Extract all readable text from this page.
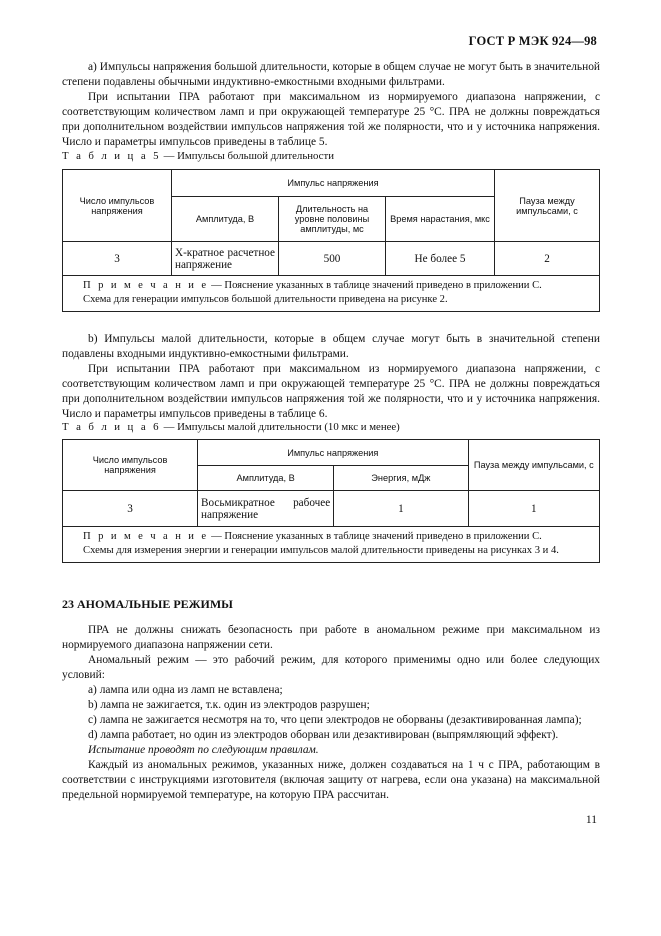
ГОСТ Р МЭК 924—98
a) Импульсы напряжения большой длительности, которые в общем случае не могут быть в значительной степени подавлены обычными индуктивно-емкостными входными фильтрами.
При испытании ПРА работают при максимальном из нормируемого диапазона напряжении, с соответствующим количеством ламп и при окружающей температуре 25 °С. ПРА не должны повреждаться при дополнительном воздействии импульсов напряжения той же полярности, что и у источника напряжения. Число и параметры импульсов приведены в таблице 5.
Т а б л и ц а 5 — Импульсы большой длительности
Число импульсов напряжения	Импульс напряжения			Пауза между импульсами, с
	Амплитуда, В	Длительность на уровне половины амплитуды, мс	Время нарастания, мкс	
3	X-кратное расчетное напряжение	500	Не более 5	2

П р и м е ч а н и е — Пояснение указанных в таблице значений приведено в приложении С.
Схема для генерации импульсов большой длительности приведена на рисунке 2.				
b) Импульсы малой длительности, которые в общем случае могут быть в значительной степени подавлены входными индуктивно-емкостными фильтрами.
При испытании ПРА работают при максимальном из нормируемого диапазона напряжении, с соответствующим количеством ламп и при окружающей температуре 25 °С. ПРА не должны повреждаться при дополнительном воздействии импульсов напряжения той же полярности, что и у источника напряжения. Число и параметры импульсов приведены в таблице 6.
Т а б л и ц а 6 — Импульсы малой длительности (10 мкс и менее)
Число импульсов напряжения	Импульс напряжения		Пауза между импульсами, с
	Амплитуда, В	Энергия, мДж	
3	Восьмикратное рабочее напряжение	1	1

П р и м е ч а н и е — Пояснение указанных в таблице значений приведено в приложении С.
Схемы для измерения энергии и генерации импульсов малой длительности приведены на рисунках 3 и 4.			
23 АНОМАЛЬНЫЕ РЕЖИМЫ
ПРА не должны снижать безопасность при работе в аномальном режиме при максимальном из нормируемого диапазона напряжении сети.
Аномальный режим — это рабочий режим, для которого применимы одно или более следующих условий:
а) лампа или одна из ламп не вставлена;
b) лампа не зажигается, т.к. один из электродов разрушен;
с) лампа не зажигается несмотря на то, что цепи электродов не оборваны (дезактивированная лампа);
d) лампа работает, но один из электродов оборван или дезактивирован (выпрямляющий эффект).
Испытание проводят по следующим правилам.
Каждый из аномальных режимов, указанных ниже, должен создаваться на 1 ч с ПРА, работающим в соответствии с инструкциями изготовителя (включая защиту от нагрева, если она указана) на максимальной предельной нормируемой температуре, на которую ПРА рассчитан.
11
